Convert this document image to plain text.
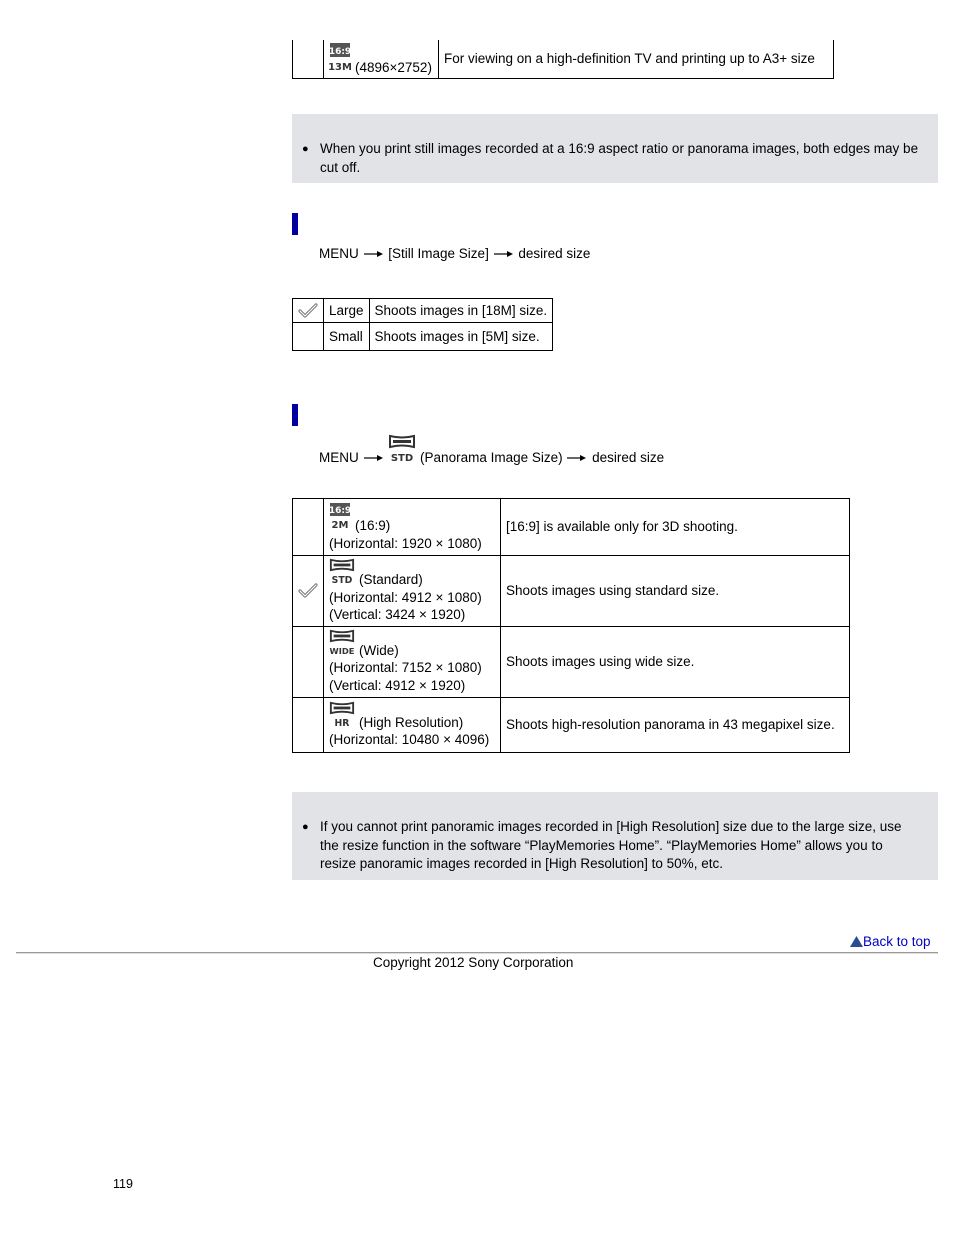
16:9
13M (4896×2752)
	For viewing on a high-definition TV and printing up to A3+ size
● When you print still images recorded at a 16:9 aspect ratio or panorama images, both edges may be cut off.
MENU [Still Image Size] desired size
	Large	Shoots images in [18M] size.
	Small	Shoots images in [5M] size.
MENU	STD (Panorama Image Size) desired size

16:9
2M (16:9)
(Horizontal: 1920 × 1080)	[16:9] is available only for 3D shooting.

STD (Standard)
(Horizontal: 4912 × 1080)
(Vertical: 3424 × 1920)	Shoots images using standard size.

WIDE (Wide)
(Horizontal: 7152 × 1080)
(Vertical: 4912 × 1920)	Shoots images using wide size.

HR (High Resolution)
(Horizontal: 10480 × 4096)	Shoots high-resolution panorama in 43 megapixel size.
● If you cannot print panoramic images recorded in [High Resolution] size due to the large size, use the resize function in the software “PlayMemories Home”. “PlayMemories Home” allows you to resize panoramic images recorded in [High Resolution] to 50%, etc.
Back to top
Copyright 2012 Sony Corporation
119
